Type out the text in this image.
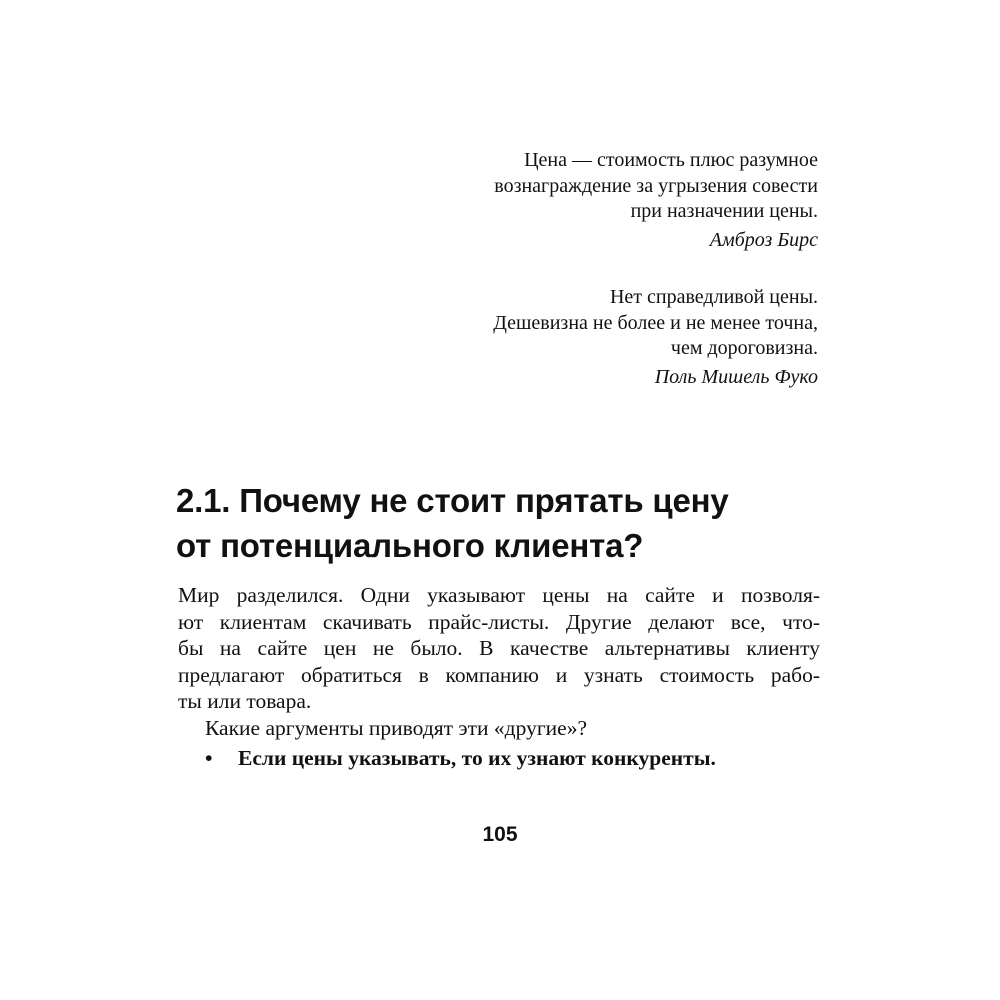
Цена — стоимость плюс разумное
вознаграждение за угрызения совести
при назначении цены.
Амброз Бирс
Нет справедливой цены.
Дешевизна не более и не менее точна,
чем дороговизна.
Поль Мишель Фуко
2.1. Почему не стоит прятать цену
от потенциального клиента?
Мир разделился. Одни указывают цены на сайте и позволя-
ют клиентам скачивать прайс-листы. Другие делают все, что-
бы на сайте цен не было. В качестве альтернативы клиенту
предлагают обратиться в компанию и узнать стоимость рабо-
ты или товара.
Какие аргументы приводят эти «другие»?
• Если цены указывать, то их узнают конкуренты.
105
